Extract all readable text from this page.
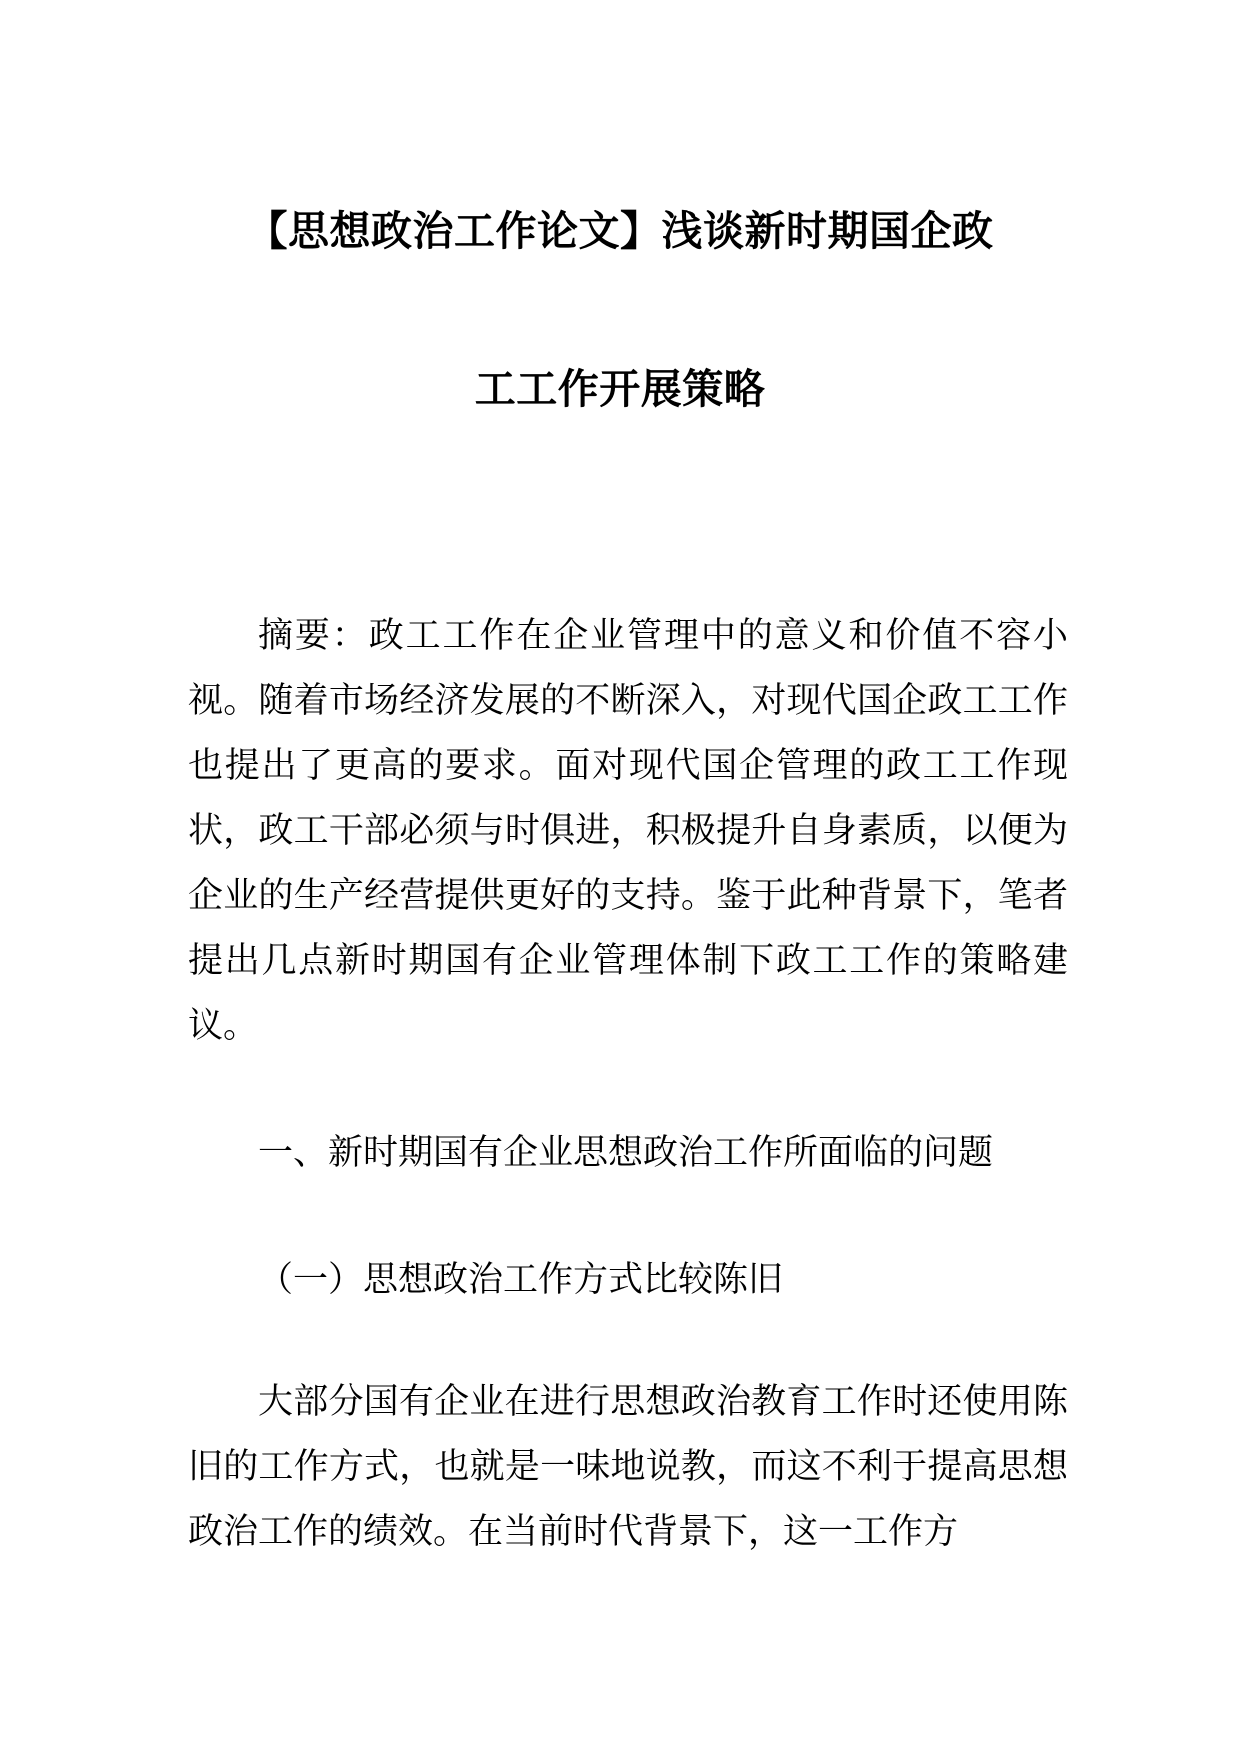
【思想政治工作论文】浅谈新时期国企政
工工作开展策略

摘要：政工工作在企业管理中的意义和价值不容小视。随着市场经济发展的不断深入，对现代国企政工工作也提出了更高的要求。面对现代国企管理的政工工作现状，政工干部必须与时俱进，积极提升自身素质，以便为企业的生产经营提供更好的支持。鉴于此种背景下，笔者提出几点新时期国有企业管理体制下政工工作的策略建议。

一、新时期国有企业思想政治工作所面临的问题
（一）思想政治工作方式比较陈旧

大部分国有企业在进行思想政治教育工作时还使用陈旧的工作方式，也就是一味地说教，而这不利于提高思想政治工作的绩效。在当前时代背景下，这一工作方
